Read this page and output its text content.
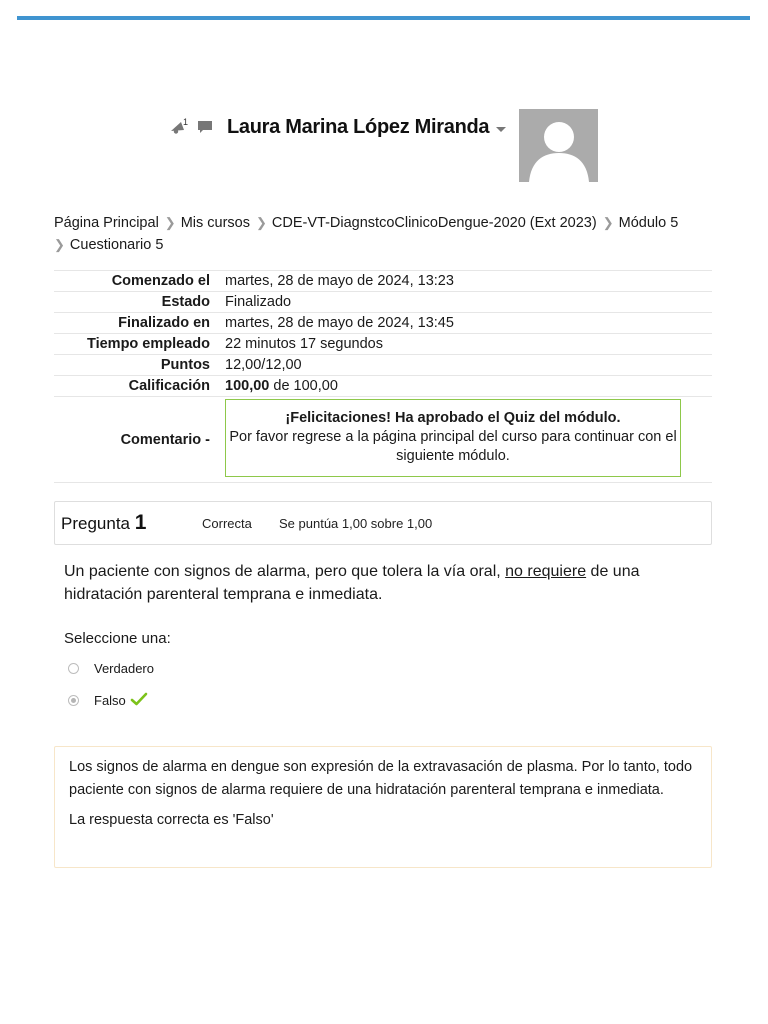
1 Laura Marina López Miranda
Página Principal ❯ Mis cursos ❯ CDE-VT-DiagnstcoClinicoDengue-2020 (Ext 2023) ❯ Módulo 5
❯ Cuestionario 5
Comenzado el	martes, 28 de mayo de 2024, 13:23
Estado	Finalizado
Finalizado en	martes, 28 de mayo de 2024, 13:45
Tiempo empleado	22 minutos 17 segundos
Puntos	12,00/12,00
Calificación	100,00 de 100,00
Comentario -	¡Felicitaciones! Ha aprobado el Quiz del módulo.
Por favor regrese a la página principal del curso para continuar con el siguiente módulo.
Pregunta 1	Correcta Se puntúa 1,00 sobre 1,00
Un paciente con signos de alarma, pero que tolera la vía oral, no requiere de una hidratación parenteral temprana e inmediata.
Seleccione una:
Verdadero
Falso

Los signos de alarma en dengue son expresión de la extravasación de plasma. Por lo tanto, todo paciente con signos de alarma requiere de una hidratación parenteral temprana e inmediata.

La respuesta correcta es 'Falso'
